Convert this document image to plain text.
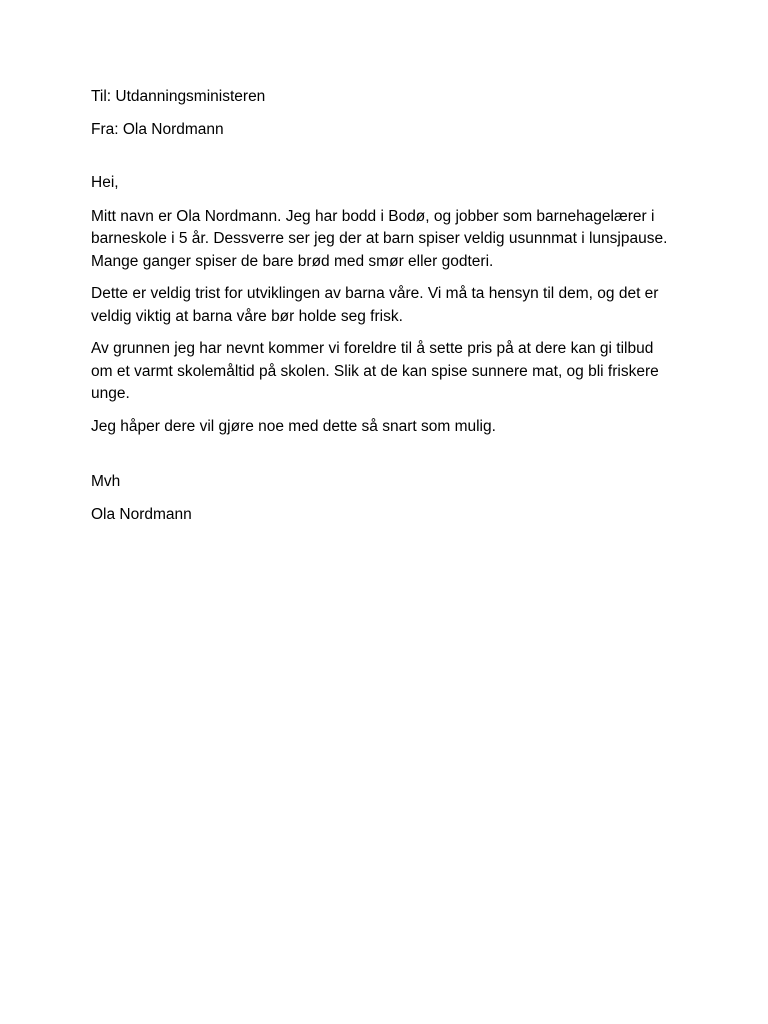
Til: Utdanningsministeren

Fra: Ola Nordmann

Hei,

Mitt navn er Ola Nordmann. Jeg har bodd i Bodø, og jobber som barnehagelærer i barneskole i 5 år. Dessverre ser jeg der at barn spiser veldig usunnmat i lunsjpause. Mange ganger spiser de bare brød med smør eller godteri.

Dette er veldig trist for utviklingen av barna våre. Vi må ta hensyn til dem, og det er veldig viktig at barna våre bør holde seg frisk.

Av grunnen jeg har nevnt kommer vi foreldre til å sette pris på at dere kan gi tilbud om et varmt skolemåltid på skolen. Slik at de kan spise sunnere mat, og bli friskere unge.

Jeg håper dere vil gjøre noe med dette så snart som mulig.

Mvh

Ola Nordmann
